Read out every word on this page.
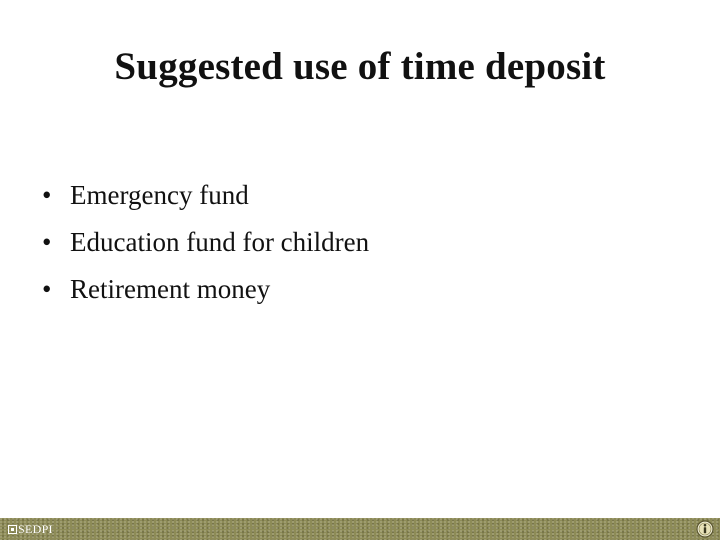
Suggested use of time deposit
• Emergency fund
• Education fund for children
• Retirement money
SEDPI
